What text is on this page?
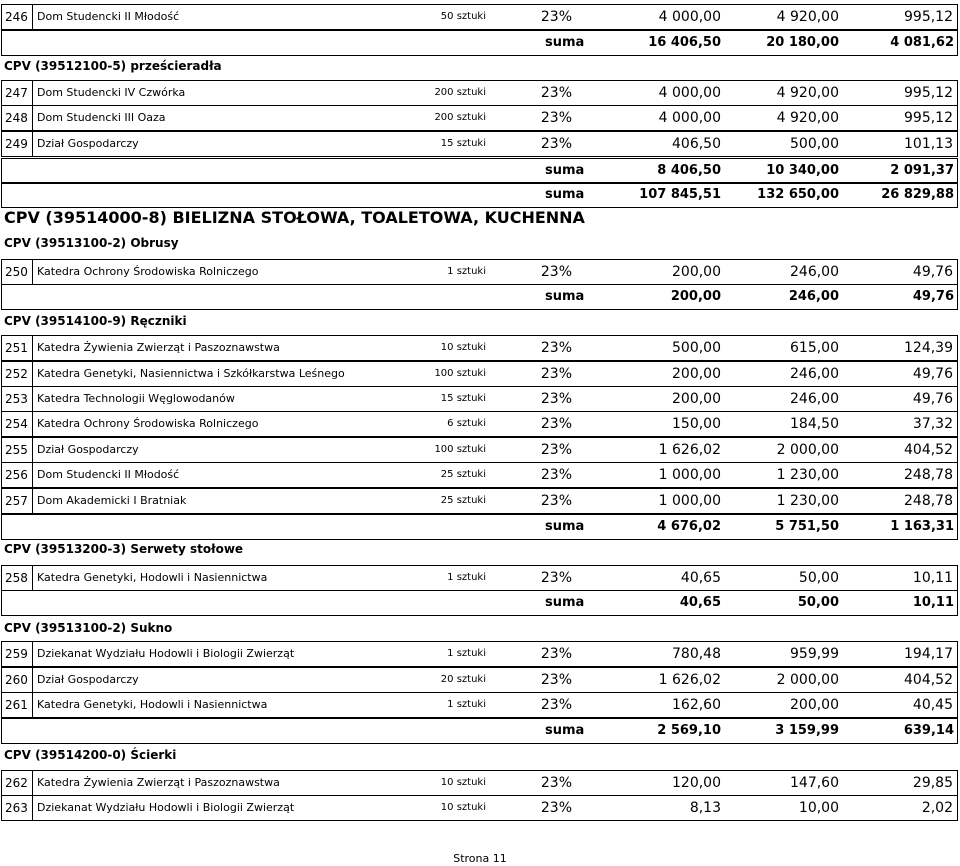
246 Dom Studencki II Młodość	50 sztuki	23%	4 000,00	4 920,00	995,12
suma	16 406,50	20 180,00	4 081,62
CPV (39512100-5) prześcieradła
247 Dom Studencki IV Czwórka	200 sztuki	23%	4 000,00	4 920,00	995,12
248 Dom Studencki III Oaza	200 sztuki	23%	4 000,00	4 920,00	995,12
249 Dział Gospodarczy	15 sztuki	23%	406,50	500,00	101,13
suma	8 406,50	10 340,00	2 091,37
suma	107 845,51	132 650,00	26 829,88
CPV (39514000-8) BIELIZNA STOŁOWA, TOALETOWA, KUCHENNA
CPV (39513100-2) Obrusy
250 Katedra Ochrony Środowiska Rolniczego	1 sztuki	23%	200,00	246,00	49,76
suma	200,00	246,00	49,76
CPV (39514100-9) Ręczniki
251 Katedra Żywienia Zwierząt i Paszoznawstwa	10 sztuki	23%	500,00	615,00	124,39
252 Katedra Genetyki, Nasiennictwa i Szkółkarstwa Leśnego	100 sztuki	23%	200,00	246,00	49,76
253 Katedra Technologii Węglowodanów	15 sztuki	23%	200,00	246,00	49,76
254 Katedra Ochrony Środowiska Rolniczego	6 sztuki	23%	150,00	184,50	37,32
255 Dział Gospodarczy	100 sztuki	23%	1 626,02	2 000,00	404,52
256 Dom Studencki II Młodość	25 sztuki	23%	1 000,00	1 230,00	248,78
257 Dom Akademicki I Bratniak	25 sztuki	23%	1 000,00	1 230,00	248,78
suma	4 676,02	5 751,50	1 163,31
CPV (39513200-3) Serwety stołowe
258 Katedra Genetyki, Hodowli i Nasiennictwa	1 sztuki	23%	40,65	50,00	10,11
suma	40,65	50,00	10,11
CPV (39513100-2) Sukno
259 Dziekanat Wydziału Hodowli i Biologii Zwierząt	1 sztuki	23%	780,48	959,99	194,17
260 Dział Gospodarczy	20 sztuki	23%	1 626,02	2 000,00	404,52
261 Katedra Genetyki, Hodowli i Nasiennictwa	1 sztuki	23%	162,60	200,00	40,45
suma	2 569,10	3 159,99	639,14
CPV (39514200-0) Ścierki
262 Katedra Żywienia Zwierząt i Paszoznawstwa	10 sztuki	23%	120,00	147,60	29,85
263 Dziekanat Wydziału Hodowli i Biologii Zwierząt	10 sztuki	23%	8,13	10,00	2,02
Strona 11
